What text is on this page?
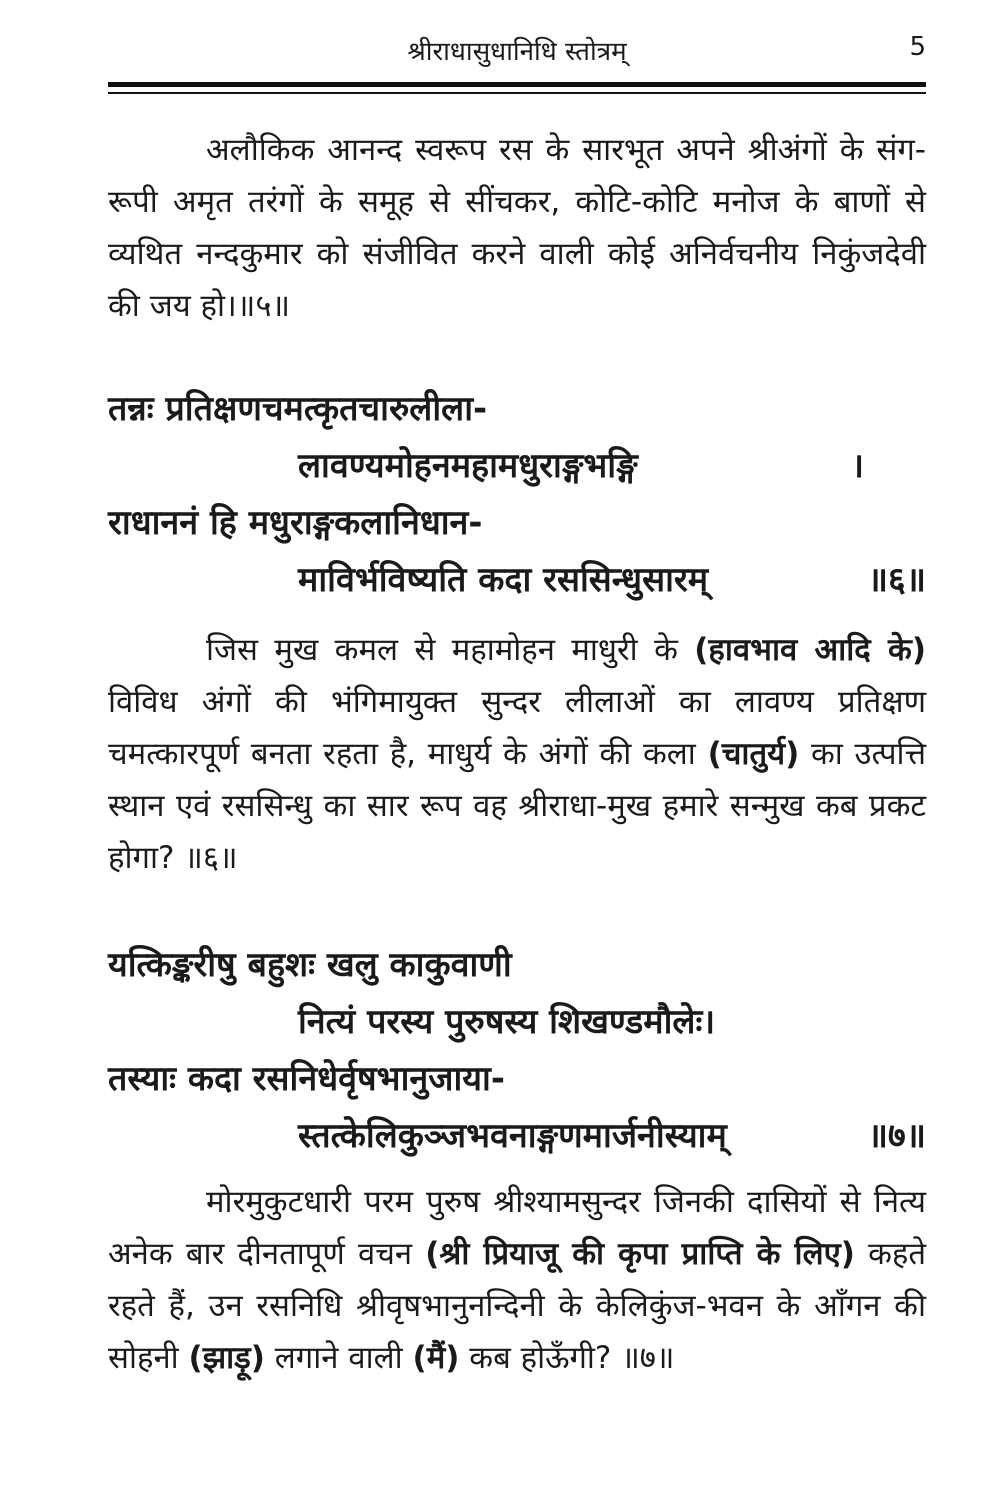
श्रीराधासुधानिधि स्तोत्रम्	5

अलौकिक आनन्द स्वरूप रस के सारभूत अपने श्रीअंगों के संग-रूपी अमृत तरंगों के समूह से सींचकर, कोटि-कोटि मनोज के बाणों से व्यथित नन्दकुमार को संजीवित करने वाली कोई अनिर्वचनीय निकुंजदेवी की जय हो।॥५॥

तन्नः प्रतिक्षणचमत्कृतचारुलीला-
लावण्यमोहनमहामधुराङ्गभङ्गि	।
राधाननं हि मधुराङ्गकलानिधान-
माविर्भविष्यति कदा रससिन्धुसारम्	॥६॥

जिस मुख कमल से महामोहन माधुरी के (हावभाव आदि के) विविध अंगों की भंगिमायुक्त सुन्दर लीलाओं का लावण्य प्रतिक्षण चमत्कारपूर्ण बनता रहता है, माधुर्य के अंगों की कला (चातुर्य) का उत्पत्ति स्थान एवं रससिन्धु का सार रूप वह श्रीराधा-मुख हमारे सन्मुख कब प्रकट होगा? ॥६॥

यत्किङ्करीषु बहुशः खलु काकुवाणी
नित्यं परस्य पुरुषस्य शिखण्डमौलेः।
तस्याः कदा रसनिधेर्वृषभानुजाया-
स्तत्केलिकुञ्जभवनाङ्गणमार्जनीस्याम्	॥७॥

मोरमुकुटधारी परम पुरुष श्रीश्यामसुन्दर जिनकी दासियों से नित्य अनेक बार दीनतापूर्ण वचन (श्री प्रियाजू की कृपा प्राप्ति के लिए) कहते रहते हैं, उन रसनिधि श्रीवृषभानुनन्दिनी के केलिकुंज-भवन के आँगन की सोहनी (झाड़ू) लगाने वाली (मैं) कब होऊँगी? ॥७॥
